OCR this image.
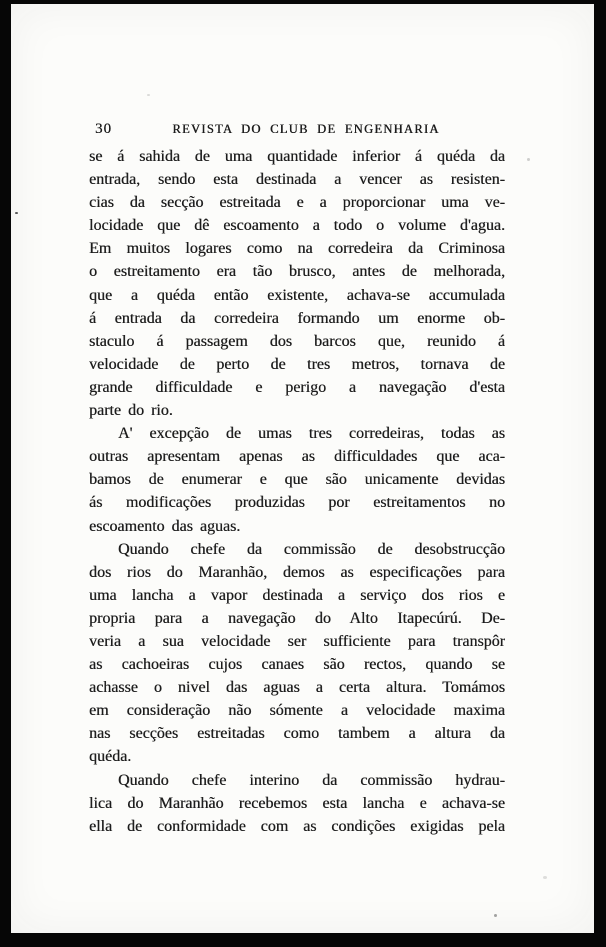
30	REVISTA DO CLUB DE ENGENHARIA
se á sahida de uma quantidade inferior á quéda da
entrada, sendo esta destinada a vencer as resisten-
cias da secção estreitada e a proporcionar uma ve-
locidade que dê escoamento a todo o volume d'agua.
Em muitos logares como na corredeira da Criminosa
o estreitamento era tão brusco, antes de melhorada,
que a quéda então existente, achava-se accumulada
á entrada da corredeira formando um enorme ob-
staculo á passagem dos barcos que, reunido á
velocidade de perto de tres metros, tornava de
grande difficuldade e perigo a navegação d'esta
parte do rio.
A' excepção de umas tres corredeiras, todas as
outras apresentam apenas as difficuldades que aca-
bamos de enumerar e que são unicamente devidas
ás modificações produzidas por estreitamentos no
escoamento das aguas.
Quando chefe da commissão de desobstrucção
dos rios do Maranhão, demos as especificações para
uma lancha a vapor destinada a serviço dos rios e
propria para a navegação do Alto Itapecúrú. De-
veria a sua velocidade ser sufficiente para transpôr
as cachoeiras cujos canaes são rectos, quando se
achasse o nivel das aguas a certa altura. Tomámos
em consideração não sómente a velocidade maxima
nas secções estreitadas como tambem a altura da
quéda.
Quando chefe interino da commissão hydrau-
lica do Maranhão recebemos esta lancha e achava-se
ella de conformidade com as condições exigidas pela
